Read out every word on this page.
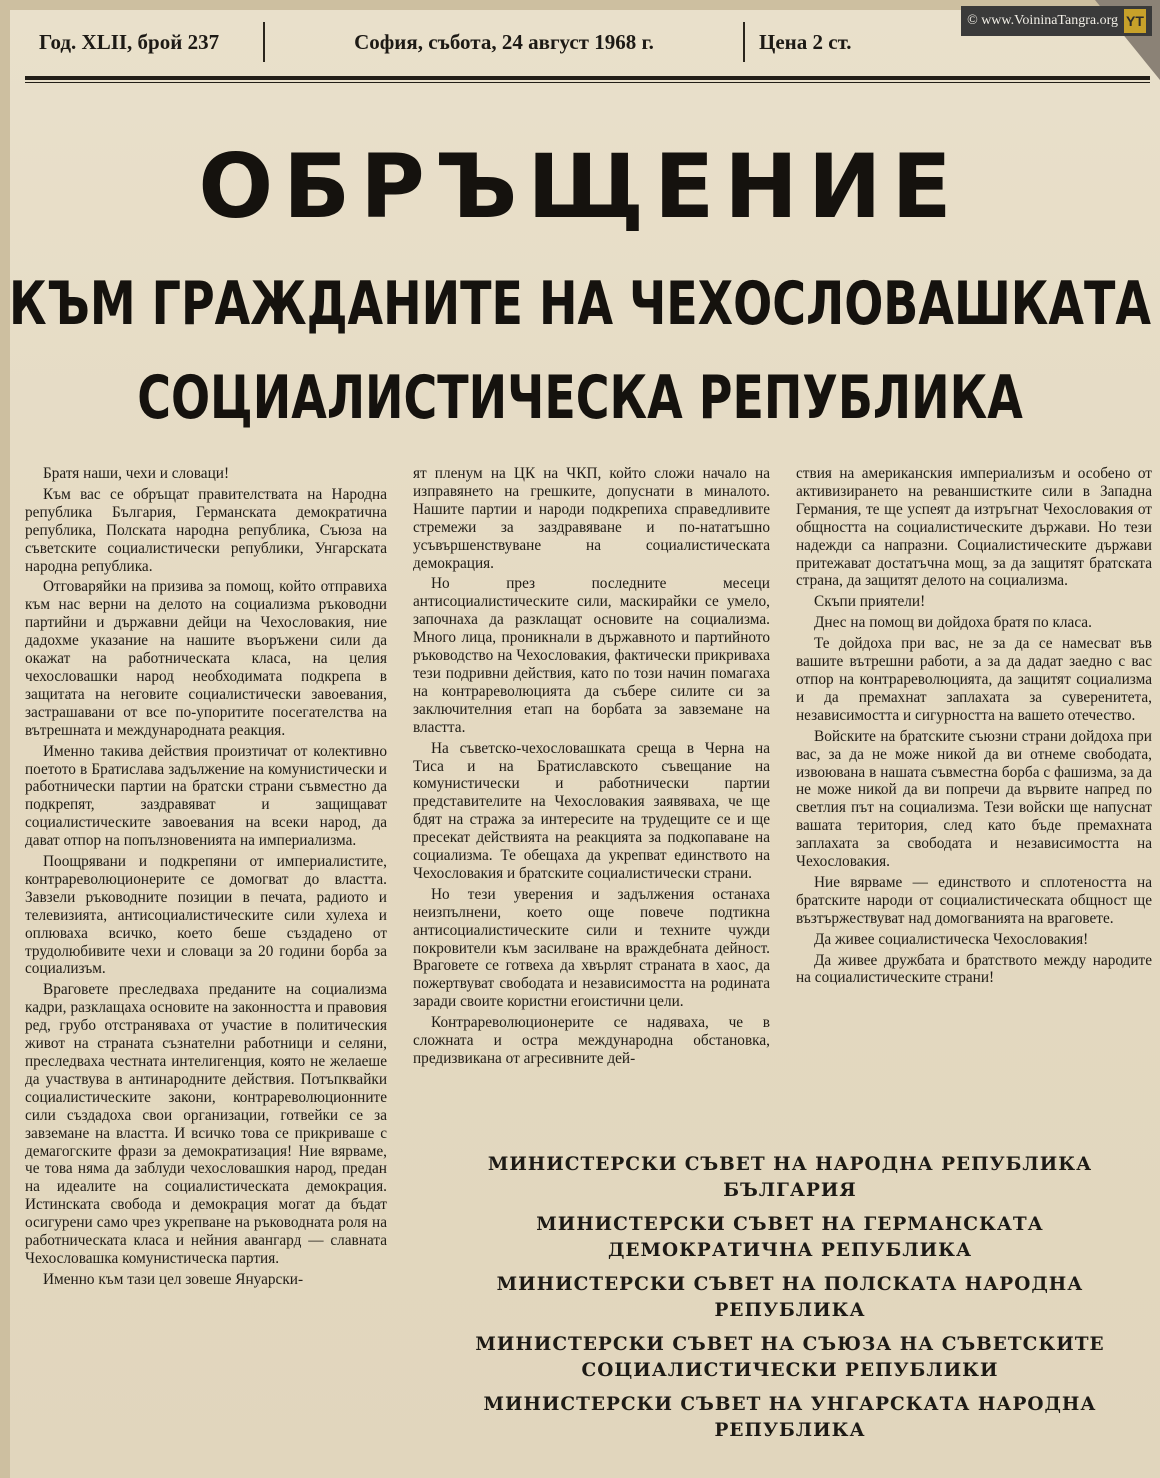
© www.VoininaTangra.org YT
Год. XLII, брой 237	София, събота, 24 август 1968 г.	Цена 2 ст.
ОБРЪЩЕНИЕ
КЪМ ГРАЖДАНИТЕ НА ЧЕХОСЛОВАШКАТА
СОЦИАЛИСТИЧЕСКА РЕПУБЛИКА

Братя наши, чехи и словаци!

Към вас се обръщат правителствата на Народна република България, Германската демократична република, Полската народна република, Съюза на съветските социалистически републики, Унгарската народна република.

Отговаряйки на призива за помощ, който отправиха към нас верни на делото на социализма ръководни партийни и държавни дейци на Чехословакия, ние дадохме указание на нашите въоръжени сили да окажат на работническата класа, на целия чехословашки народ необходимата подкрепа в защитата на неговите социалистически завоевания, застрашавани от все по-упоритите посегателства на вътрешната и международната реакция.

Именно такива действия произтичат от колективно поетото в Братислава задължение на комунистически и работнически партии на братски страни съвместно да подкрепят, заздравяват и защищават социалистическите завоевания на всеки народ, да дават отпор на попълзновенията на империализма.

Поощрявани и подкрепяни от империалистите, контрареволюционерите се домогват до властта. Завзели ръководните позиции в печата, радиото и телевизията, антисоциалистическите сили хулеха и оплюваха всичко, което беше създадено от трудолюбивите чехи и словаци за 20 години борба за социализъм.

Враговете преследваха преданите на социализма кадри, разклащаха основите на законността и правовия ред, грубо отстраняваха от участие в политическия живот на страната съзнателни работници и селяни, преследваха честната интелигенция, която не желаеше да участвува в антинародните действия. Потъпквайки социалистическите закони, контрареволюционните сили създадоха свои организации, готвейки се за завземане на властта. И всичко това се прикриваше с демагогските фрази за демократизация! Ние вярваме, че това няма да заблуди чехословашкия народ, предан на идеалите на социалистическата демокрация. Истинската свобода и демокрация могат да бъдат осигурени само чрез укрепване на ръководната роля на работническата класа и нейния авангард — славната Чехословашка комунистическа партия.

Именно към тази цел зовеше Януарски-

ят пленум на ЦК на ЧКП, който сложи начало на изправянето на грешките, допуснати в миналото. Нашите партии и народи подкрепиха справедливите стремежи за заздравяване и по-нататъшно усъвършенствуване на социалистическата демокрация.

Но през последните месеци антисоциалистическите сили, маскирайки се умело, започнаха да разклащат основите на социализма. Много лица, проникнали в държавното и партийното ръководство на Чехословакия, фактически прикриваха тези подривни действия, като по този начин помагаха на контрареволюцията да събере силите си за заключителния етап на борбата за завземане на властта.

На съветско-чехословашката среща в Черна на Тиса и на Братиславското съвещание на комунистически и работнически партии представителите на Чехословакия заявяваха, че ще бдят на стража за интересите на трудещите се и ще пресекат действията на реакцията за подкопаване на социализма. Те обещаха да укрепват единството на Чехословакия и братските социалистически страни.

Но тези уверения и задължения останаха неизпълнени, което още повече подтикна антисоциалистическите сили и техните чужди покровители към засилване на враждебната дейност. Враговете се готвеха да хвърлят страната в хаос, да пожертвуват свободата и независимостта на родината заради своите користни егоистични цели.

Контрареволюционерите се надяваха, че в сложната и остра международна обстановка, предизвикана от агресивните дей-

ствия на американския империализъм и особено от активизирането на реваншистките сили в Западна Германия, те ще успеят да изтръгнат Чехословакия от общността на социалистическите държави. Но тези надежди са напразни. Социалистическите държави притежават достатъчна мощ, за да защитят братската страна, да защитят делото на социализма.

Скъпи приятели!

Днес на помощ ви дойдоха братя по класа.

Те дойдоха при вас, не за да се намесват във вашите вътрешни работи, а за да дадат заедно с вас отпор на контрареволюцията, да защитят социализма и да премахнат заплахата за суверенитета, независимостта и сигурността на вашето отечество.

Войските на братските съюзни страни дойдоха при вас, за да не може никой да ви отнеме свободата, извоювана в нашата съвместна борба с фашизма, за да не може никой да ви попречи да вървите напред по светлия път на социализма. Тези войски ще напуснат вашата територия, след като бъде премахната заплахата за свободата и независимостта на Чехословакия.

Ние вярваме — единството и сплотеността на братските народи от социалистическата общност ще възтържествуват над домогванията на враговете.

Да живее социалистическа Чехословакия!

Да живее дружбата и братството между народите на социалистическите страни!

МИНИСТЕРСКИ СЪВЕТ НА НАРОДНА РЕПУБЛИКА
БЪЛГАРИЯ
МИНИСТЕРСКИ СЪВЕТ НА ГЕРМАНСКАТА
ДЕМОКРАТИЧНА РЕПУБЛИКА
МИНИСТЕРСКИ СЪВЕТ НА ПОЛСКАТА НАРОДНА
РЕПУБЛИКА
МИНИСТЕРСКИ СЪВЕТ НА СЪЮЗА НА СЪВЕТСКИТЕ
СОЦИАЛИСТИЧЕСКИ РЕПУБЛИКИ
МИНИСТЕРСКИ СЪВЕТ НА УНГАРСКАТА НАРОДНА
РЕПУБЛИКА
